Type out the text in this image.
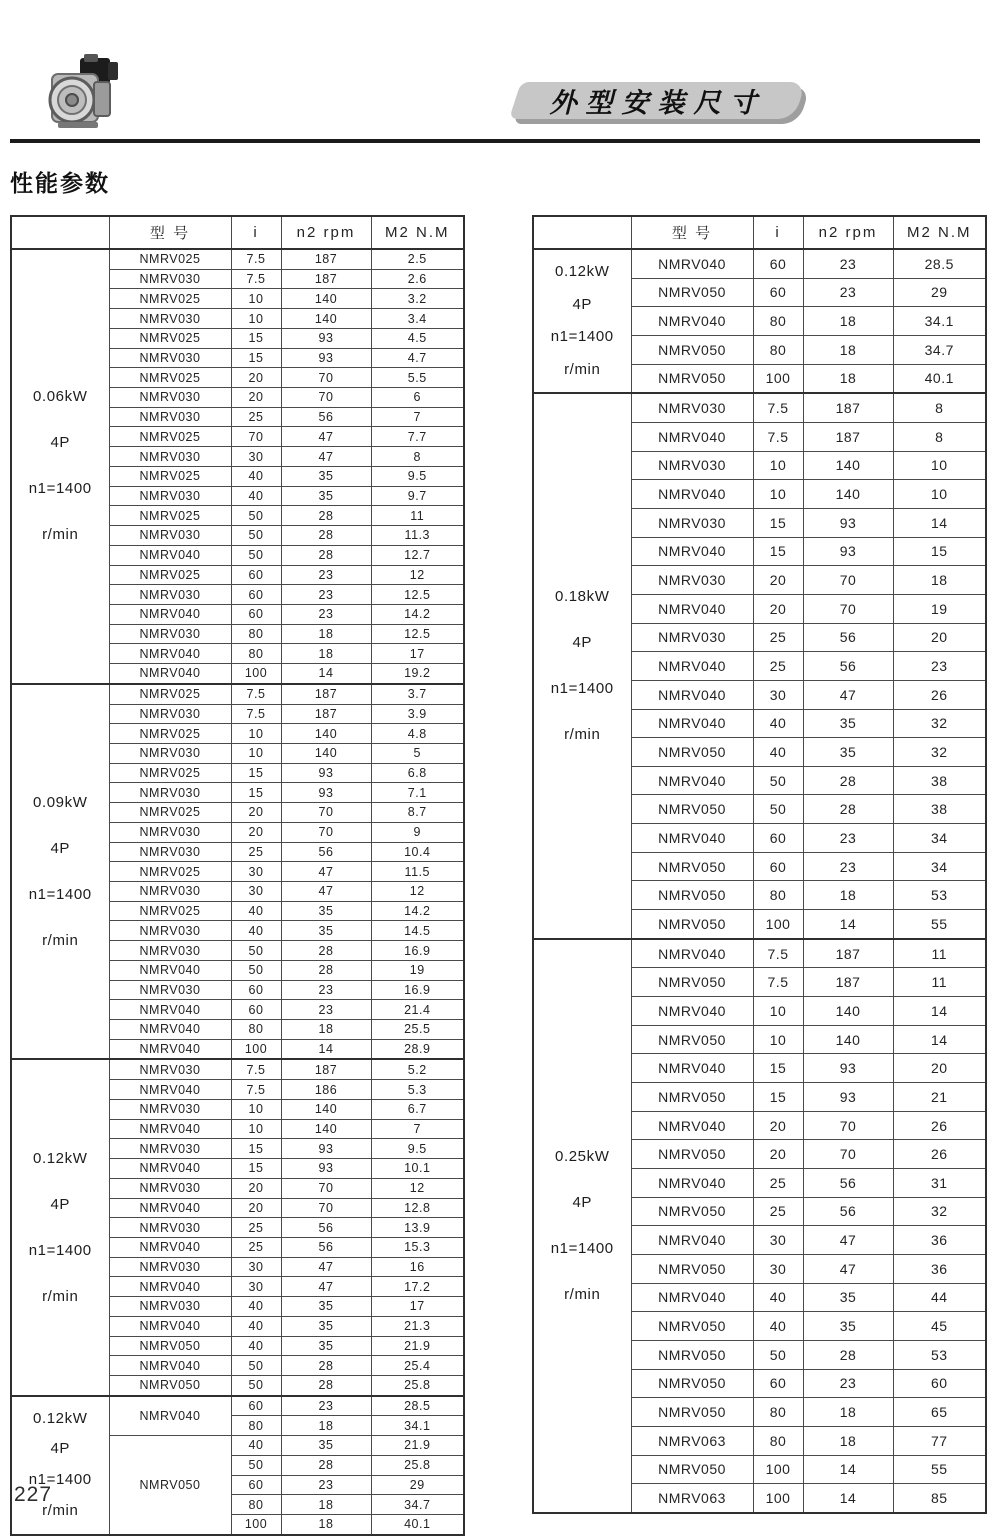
外型安装尺寸
性能参数
	型 号	i	n2 rpm	M2 N.M

0.06kW
4P
n1=1400
r/min	NMRV025	7.5	187	2.5
	NMRV030	7.5	187	2.6
	NMRV025	10	140	3.2
	NMRV030	10	140	3.4
	NMRV025	15	93	4.5
	NMRV030	15	93	4.7
	NMRV025	20	70	5.5
	NMRV030	20	70	6
	NMRV030	25	56	7
	NMRV025	70	47	7.7
	NMRV030	30	47	8
	NMRV025	40	35	9.5
	NMRV030	40	35	9.7
	NMRV025	50	28	11
	NMRV030	50	28	11.3
	NMRV040	50	28	12.7
	NMRV025	60	23	12
	NMRV030	60	23	12.5
	NMRV040	60	23	14.2
	NMRV030	80	18	12.5
	NMRV040	80	18	17
	NMRV040	100	14	19.2

0.09kW
4P
n1=1400
r/min	NMRV025	7.5	187	3.7
	NMRV030	7.5	187	3.9
	NMRV025	10	140	4.8
	NMRV030	10	140	5
	NMRV025	15	93	6.8
	NMRV030	15	93	7.1
	NMRV025	20	70	8.7
	NMRV030	20	70	9
	NMRV030	25	56	10.4
	NMRV025	30	47	11.5
	NMRV030	30	47	12
	NMRV025	40	35	14.2
	NMRV030	40	35	14.5
	NMRV030	50	28	16.9
	NMRV040	50	28	19
	NMRV030	60	23	16.9
	NMRV040	60	23	21.4
	NMRV040	80	18	25.5
	NMRV040	100	14	28.9

0.12kW
4P
n1=1400
r/min	NMRV030	7.5	187	5.2
	NMRV040	7.5	186	5.3
	NMRV030	10	140	6.7
	NMRV040	10	140	7
	NMRV030	15	93	9.5
	NMRV040	15	93	10.1
	NMRV030	20	70	12
	NMRV040	20	70	12.8
	NMRV030	25	56	13.9
	NMRV040	25	56	15.3
	NMRV030	30	47	16
	NMRV040	30	47	17.2
	NMRV030	40	35	17
	NMRV040	40	35	21.3
	NMRV050	40	35	21.9
	NMRV040	50	28	25.4
	NMRV050	50	28	25.8

0.12kW
4P
n1=1400
r/min	NMRV040	60	23	28.5
		80	18	34.1
	NMRV050	40	35	21.9
		50	28	25.8
		60	23	29
		80	18	34.7
		100	18	40.1
	型 号	i	n2 rpm	M2 N.M

0.12kW
4P
n1=1400
r/min	NMRV040	60	23	28.5
	NMRV050	60	23	29
	NMRV040	80	18	34.1
	NMRV050	80	18	34.7
	NMRV050	100	18	40.1

0.18kW
4P
n1=1400
r/min	NMRV030	7.5	187	8
	NMRV040	7.5	187	8
	NMRV030	10	140	10
	NMRV040	10	140	10
	NMRV030	15	93	14
	NMRV040	15	93	15
	NMRV030	20	70	18
	NMRV040	20	70	19
	NMRV030	25	56	20
	NMRV040	25	56	23
	NMRV040	30	47	26
	NMRV040	40	35	32
	NMRV050	40	35	32
	NMRV040	50	28	38
	NMRV050	50	28	38
	NMRV040	60	23	34
	NMRV050	60	23	34
	NMRV050	80	18	53
	NMRV050	100	14	55

0.25kW
4P
n1=1400
r/min	NMRV040	7.5	187	11
	NMRV050	7.5	187	11
	NMRV040	10	140	14
	NMRV050	10	140	14
	NMRV040	15	93	20
	NMRV050	15	93	21
	NMRV040	20	70	26
	NMRV050	20	70	26
	NMRV040	25	56	31
	NMRV050	25	56	32
	NMRV040	30	47	36
	NMRV050	30	47	36
	NMRV040	40	35	44
	NMRV050	40	35	45
	NMRV050	50	28	53
	NMRV050	60	23	60
	NMRV050	80	18	65
	NMRV063	80	18	77
	NMRV050	100	14	55
	NMRV063	100	14	85
227
